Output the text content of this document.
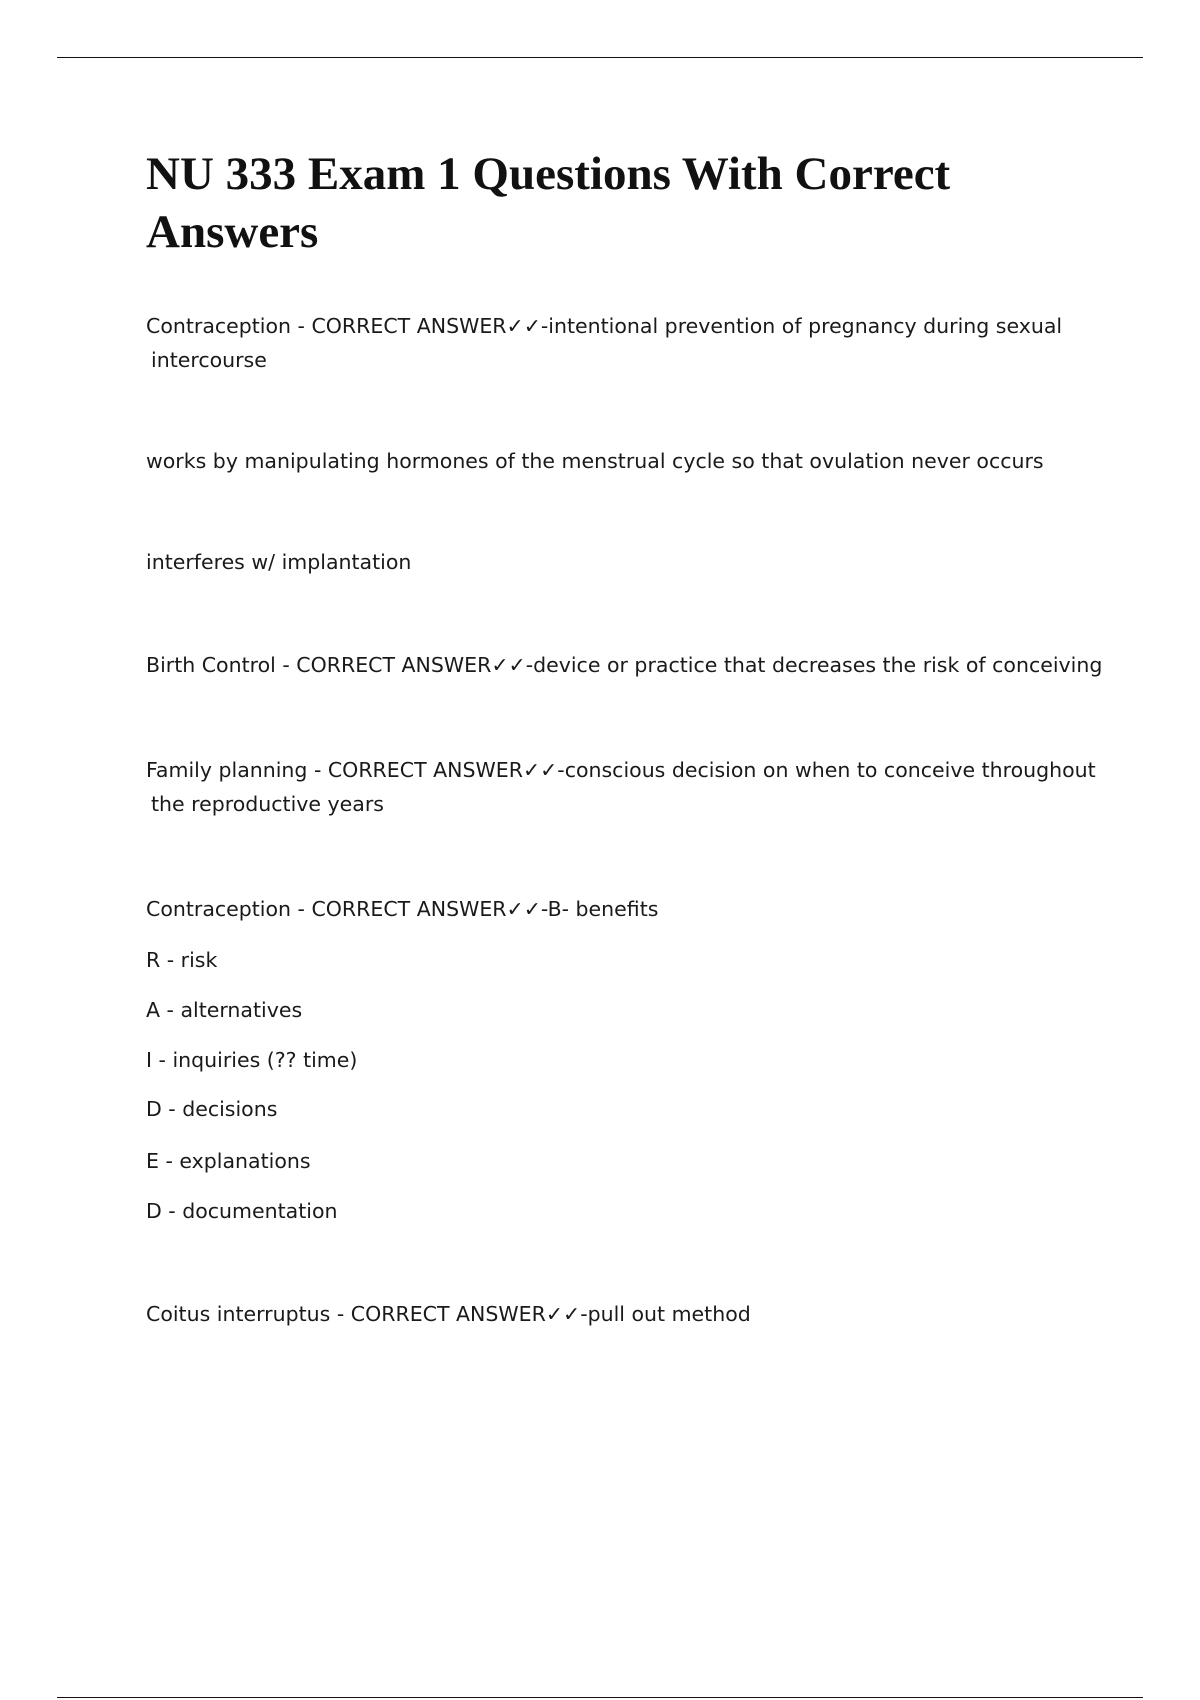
NU 333 Exam 1 Questions With Correct Answers

Contraception - CORRECT ANSWER✓✓-intentional prevention of pregnancy during sexual
intercourse

works by manipulating hormones of the menstrual cycle so that ovulation never occurs

interferes w/ implantation

Birth Control - CORRECT ANSWER✓✓-device or practice that decreases the risk of conceiving

Family planning - CORRECT ANSWER✓✓-conscious decision on when to conceive throughout
the reproductive years

Contraception - CORRECT ANSWER✓✓-B- benefits

R - risk

A - alternatives

I - inquiries (?? time)

D - decisions

E - explanations

D - documentation

Coitus interruptus - CORRECT ANSWER✓✓-pull out method
